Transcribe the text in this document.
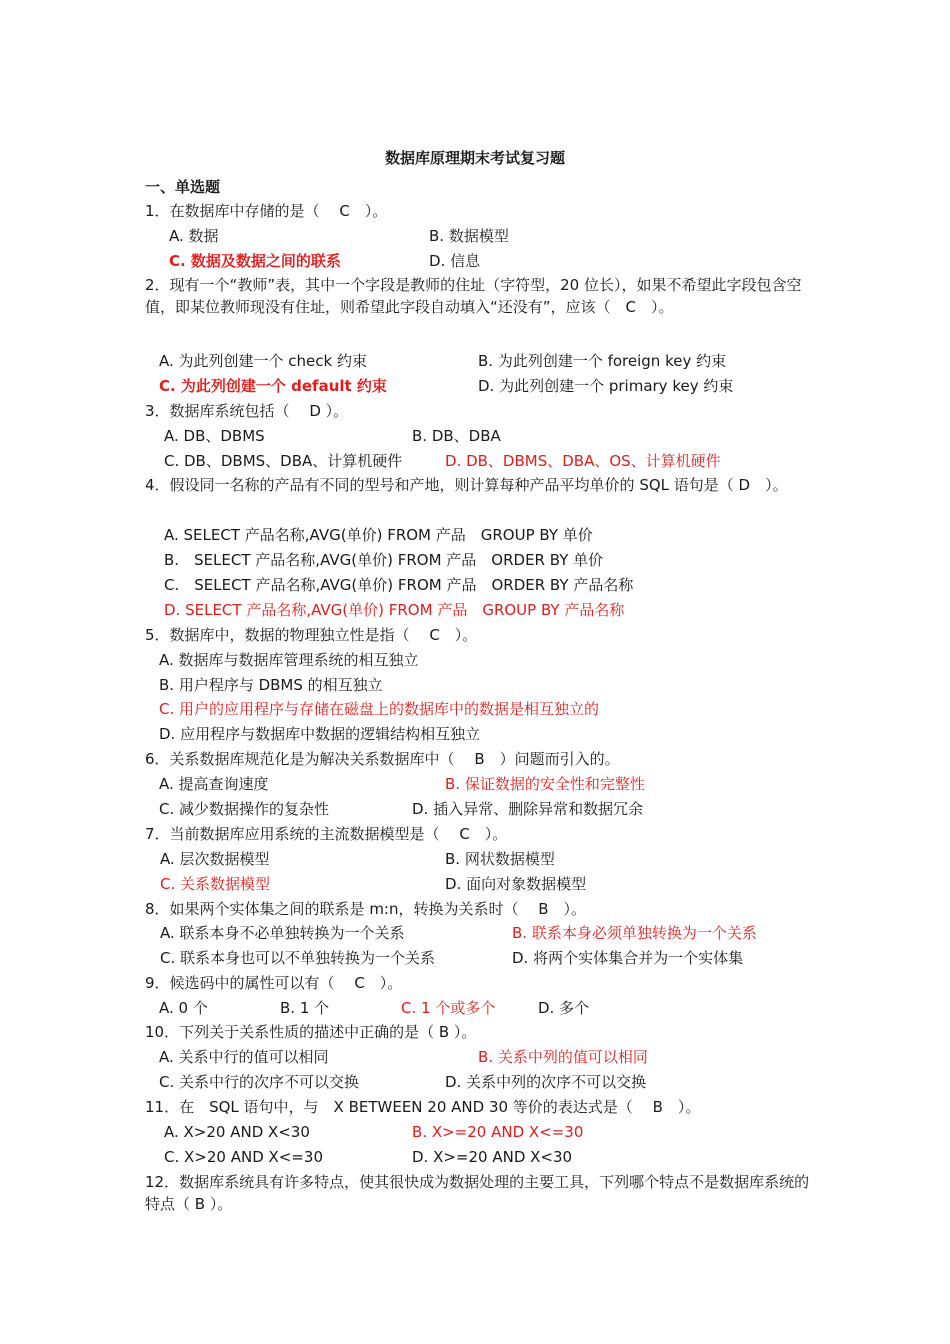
数据库原理期末考试复习题
一、单选题
1．在数据库中存储的是（　 C　）。
A. 数据	B. 数据模型
C. 数据及数据之间的联系	D. 信息
2．现有一个“教师”表，其中一个字段是教师的住址（字符型，20 位长），如果不希望此字段包含空值，即某位教师现没有住址，则希望此字段自动填入“还没有”，应该（　C　）。
A. 为此列创建一个 check 约束	B. 为此列创建一个 foreign key 约束
C. 为此列创建一个 default 约束	D. 为此列创建一个 primary key 约束
3．数据库系统包括（　 D ）。
A. DB、DBMS	B. DB、DBA
C. DB、DBMS、DBA、计算机硬件	D. DB、DBMS、DBA、OS、计算机硬件
4．假设同一名称的产品有不同的型号和产地，则计算每种产品平均单价的 SQL 语句是（ D　）。
A. SELECT 产品名称,AVG(单价) FROM 产品　GROUP BY 单价
B.　SELECT 产品名称,AVG(单价) FROM 产品　ORDER BY 单价
C.　SELECT 产品名称,AVG(单价) FROM 产品　ORDER BY 产品名称
D. SELECT 产品名称,AVG(单价) FROM 产品　GROUP BY 产品名称
5．数据库中，数据的物理独立性是指（　 C　）。
A. 数据库与数据库管理系统的相互独立
B. 用户程序与 DBMS 的相互独立
C. 用户的应用程序与存储在磁盘上的数据库中的数据是相互独立的
D. 应用程序与数据库中数据的逻辑结构相互独立
6．关系数据库规范化是为解决关系数据库中（　 B　）问题而引入的。
A. 提高查询速度	B. 保证数据的安全性和完整性
C. 减少数据操作的复杂性	D. 插入异常、删除异常和数据冗余
7．当前数据库应用系统的主流数据模型是（　 C　）。
A. 层次数据模型	B. 网状数据模型
C. 关系数据模型	D. 面向对象数据模型
8．如果两个实体集之间的联系是 m:n，转换为关系时（　 B　）。
A. 联系本身不必单独转换为一个关系	B. 联系本身必须单独转换为一个关系
C. 联系本身也可以不单独转换为一个关系	D. 将两个实体集合并为一个实体集
9．候选码中的属性可以有（　 C　）。
A. 0 个	B. 1 个	C. 1 个或多个	D. 多个
10．下列关于关系性质的描述中正确的是（ B ）。
A. 关系中行的值可以相同	B. 关系中列的值可以相同
C. 关系中行的次序不可以交换	D. 关系中列的次序不可以交换
11．在　SQL 语句中，与　X BETWEEN 20 AND 30 等价的表达式是（　 B　）。
A. X>20 AND X<30	B. X>=20 AND X<=30
C. X>20 AND X<=30	D. X>=20 AND X<30
12．数据库系统具有许多特点，使其很快成为数据处理的主要工具，下列哪个特点不是数据库系统的特点（ B ）。
